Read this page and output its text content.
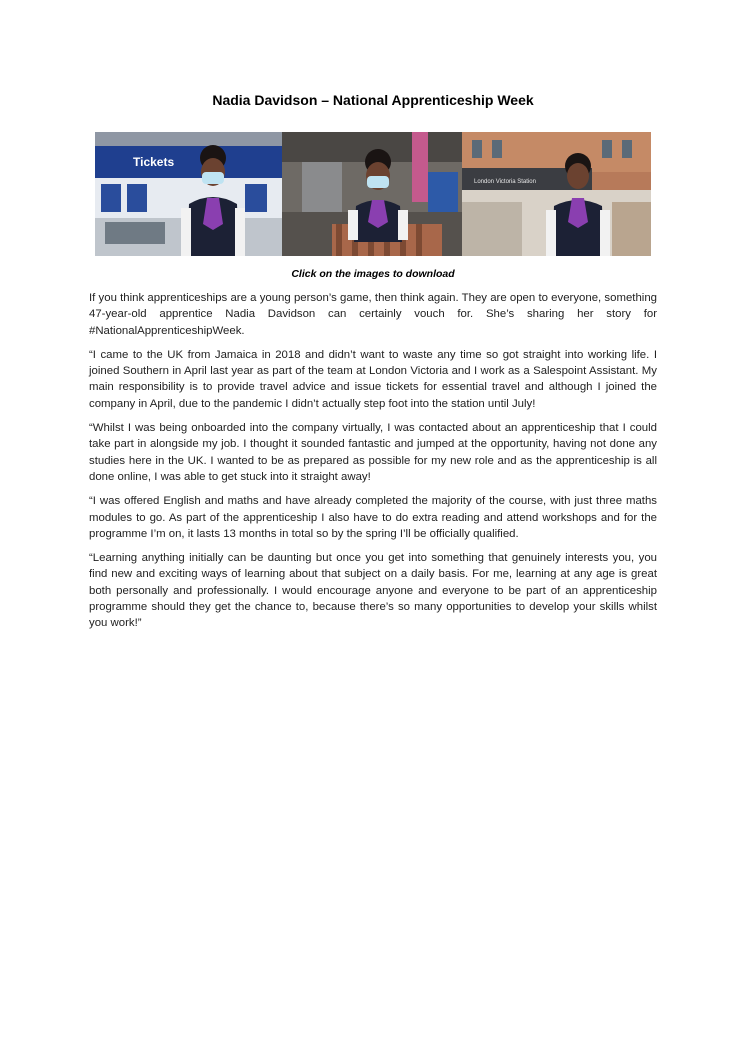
Nadia Davidson – National Apprenticeship Week
Tickets
London Victoria Station
Click on the images to download

If you think apprenticeships are a young person’s game, then think again. They are open to everyone, something 47-year-old apprentice Nadia Davidson can certainly vouch for. She’s sharing her story for #NationalApprenticeshipWeek.

“I came to the UK from Jamaica in 2018 and didn’t want to waste any time so got straight into working life. I joined Southern in April last year as part of the team at London Victoria and I work as a Salespoint Assistant. My main responsibility is to provide travel advice and issue tickets for essential travel and although I joined the company in April, due to the pandemic I didn’t actually step foot into the station until July!

“Whilst I was being onboarded into the company virtually, I was contacted about an apprenticeship that I could take part in alongside my job. I thought it sounded fantastic and jumped at the opportunity, having not done any studies here in the UK. I wanted to be as prepared as possible for my new role and as the apprenticeship is all done online, I was able to get stuck into it straight away!

“I was offered English and maths and have already completed the majority of the course, with just three maths modules to go. As part of the apprenticeship I also have to do extra reading and attend workshops and for the programme I’m on, it lasts 13 months in total so by the spring I’ll be officially qualified.

“Learning anything initially can be daunting but once you get into something that genuinely interests you, you find new and exciting ways of learning about that subject on a daily basis. For me, learning at any age is great both personally and professionally. I would encourage anyone and everyone to be part of an apprenticeship programme should they get the chance to, because there’s so many opportunities to develop your skills whilst you work!”
